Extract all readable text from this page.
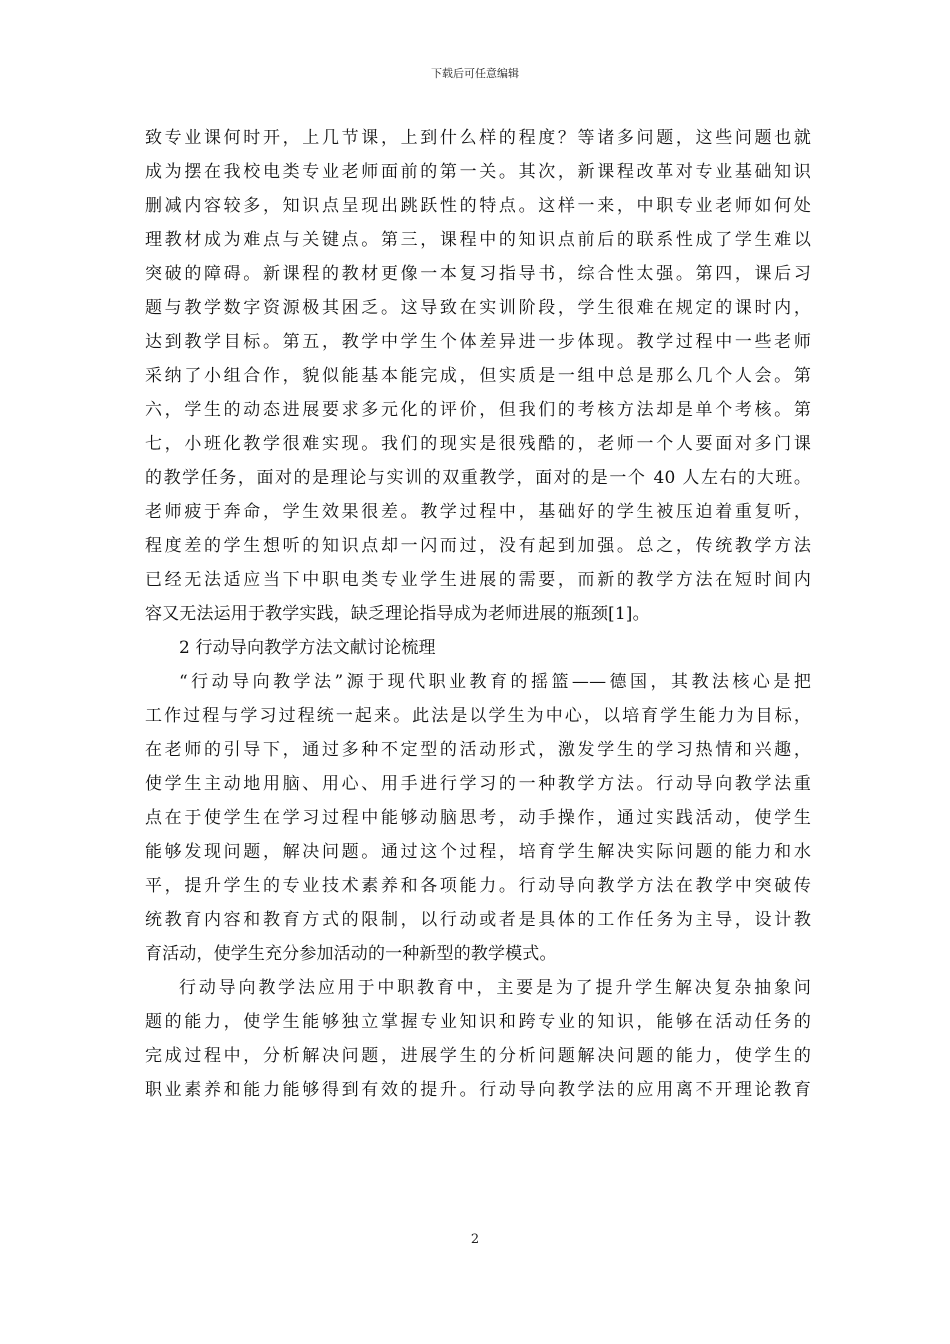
下载后可任意编辑
致专业课何时开，上几节课，上到什么样的程度？等诸多问题，这些问题也就
成为摆在我校电类专业老师面前的第一关。其次，新课程改革对专业基础知识
删减内容较多，知识点呈现出跳跃性的特点。这样一来，中职专业老师如何处
理教材成为难点与关键点。第三，课程中的知识点前后的联系性成了学生难以
突破的障碍。新课程的教材更像一本复习指导书，综合性太强。第四，课后习
题与教学数字资源极其困乏。这导致在实训阶段，学生很难在规定的课时内，
达到教学目标。第五，教学中学生个体差异进一步体现。教学过程中一些老师
采纳了小组合作，貌似能基本能完成，但实质是一组中总是那么几个人会。第
六，学生的动态进展要求多元化的评价，但我们的考核方法却是单个考核。第
七，小班化教学很难实现。我们的现实是很残酷的，老师一个人要面对多门课
的教学任务，面对的是理论与实训的双重教学，面对的是一个 40 人左右的大班。
老师疲于奔命，学生效果很差。教学过程中，基础好的学生被压迫着重复听，
程度差的学生想听的知识点却一闪而过，没有起到加强。总之，传统教学方法
已经无法适应当下中职电类专业学生进展的需要，而新的教学方法在短时间内
容又无法运用于教学实践，缺乏理论指导成为老师进展的瓶颈[1]。
2 行动导向教学方法文献讨论梳理
“行动导向教学法”源于现代职业教育的摇篮——德国，其教法核心是把
工作过程与学习过程统一起来。此法是以学生为中心，以培育学生能力为目标，
在老师的引导下，通过多种不定型的活动形式，激发学生的学习热情和兴趣，
使学生主动地用脑、用心、用手进行学习的一种教学方法。行动导向教学法重
点在于使学生在学习过程中能够动脑思考，动手操作，通过实践活动，使学生
能够发现问题，解决问题。通过这个过程，培育学生解决实际问题的能力和水
平，提升学生的专业技术素养和各项能力。行动导向教学方法在教学中突破传
统教育内容和教育方式的限制，以行动或者是具体的工作任务为主导，设计教
育活动，使学生充分参加活动的一种新型的教学模式。
行动导向教学法应用于中职教育中，主要是为了提升学生解决复杂抽象问
题的能力，使学生能够独立掌握专业知识和跨专业的知识，能够在活动任务的
完成过程中，分析解决问题，进展学生的分析问题解决问题的能力，使学生的
职业素养和能力能够得到有效的提升。行动导向教学法的应用离不开理论教育
2
